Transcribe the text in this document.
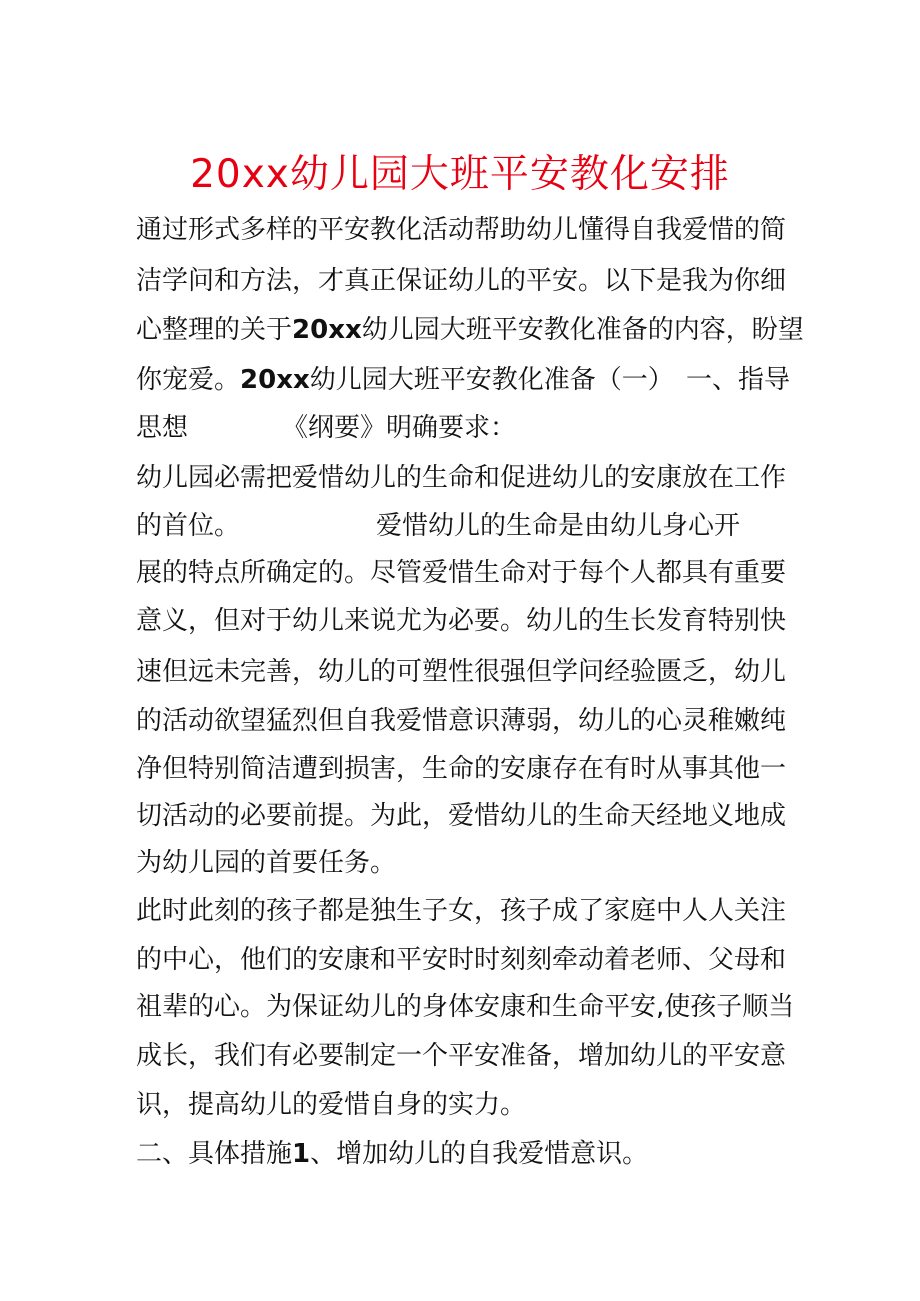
20xx幼儿园大班平安教化安排
通过形式多样的平安教化活动帮助幼儿懂得自我爱惜的简
洁学问和方法，才真正保证幼儿的平安。以下是我为你细
心整理的关于20xx幼儿园大班平安教化准备的内容，盼望
你宠爱。20xx幼儿园大班平安教化准备（一） 一、指导
思想	《纲要》明确要求：
幼儿园必需把爱惜幼儿的生命和促进幼儿的安康放在工作
的首位。	爱惜幼儿的生命是由幼儿身心开
展的特点所确定的。尽管爱惜生命对于每个人都具有重要
意义，但对于幼儿来说尤为必要。幼儿的生长发育特别快
速但远未完善，幼儿的可塑性很强但学问经验匮乏，幼儿
的活动欲望猛烈但自我爱惜意识薄弱，幼儿的心灵稚嫩纯
净但特别简洁遭到损害，生命的安康存在有时从事其他一
切活动的必要前提。为此，爱惜幼儿的生命天经地义地成
为幼儿园的首要任务。
此时此刻的孩子都是独生子女，孩子成了家庭中人人关注
的中心，他们的安康和平安时时刻刻牵动着老师、父母和
祖辈的心。为保证幼儿的身体安康和生命平安,使孩子顺当
成长，我们有必要制定一个平安准备，增加幼儿的平安意
识，提高幼儿的爱惜自身的实力。
二、具体措施1、增加幼儿的自我爱惜意识。
